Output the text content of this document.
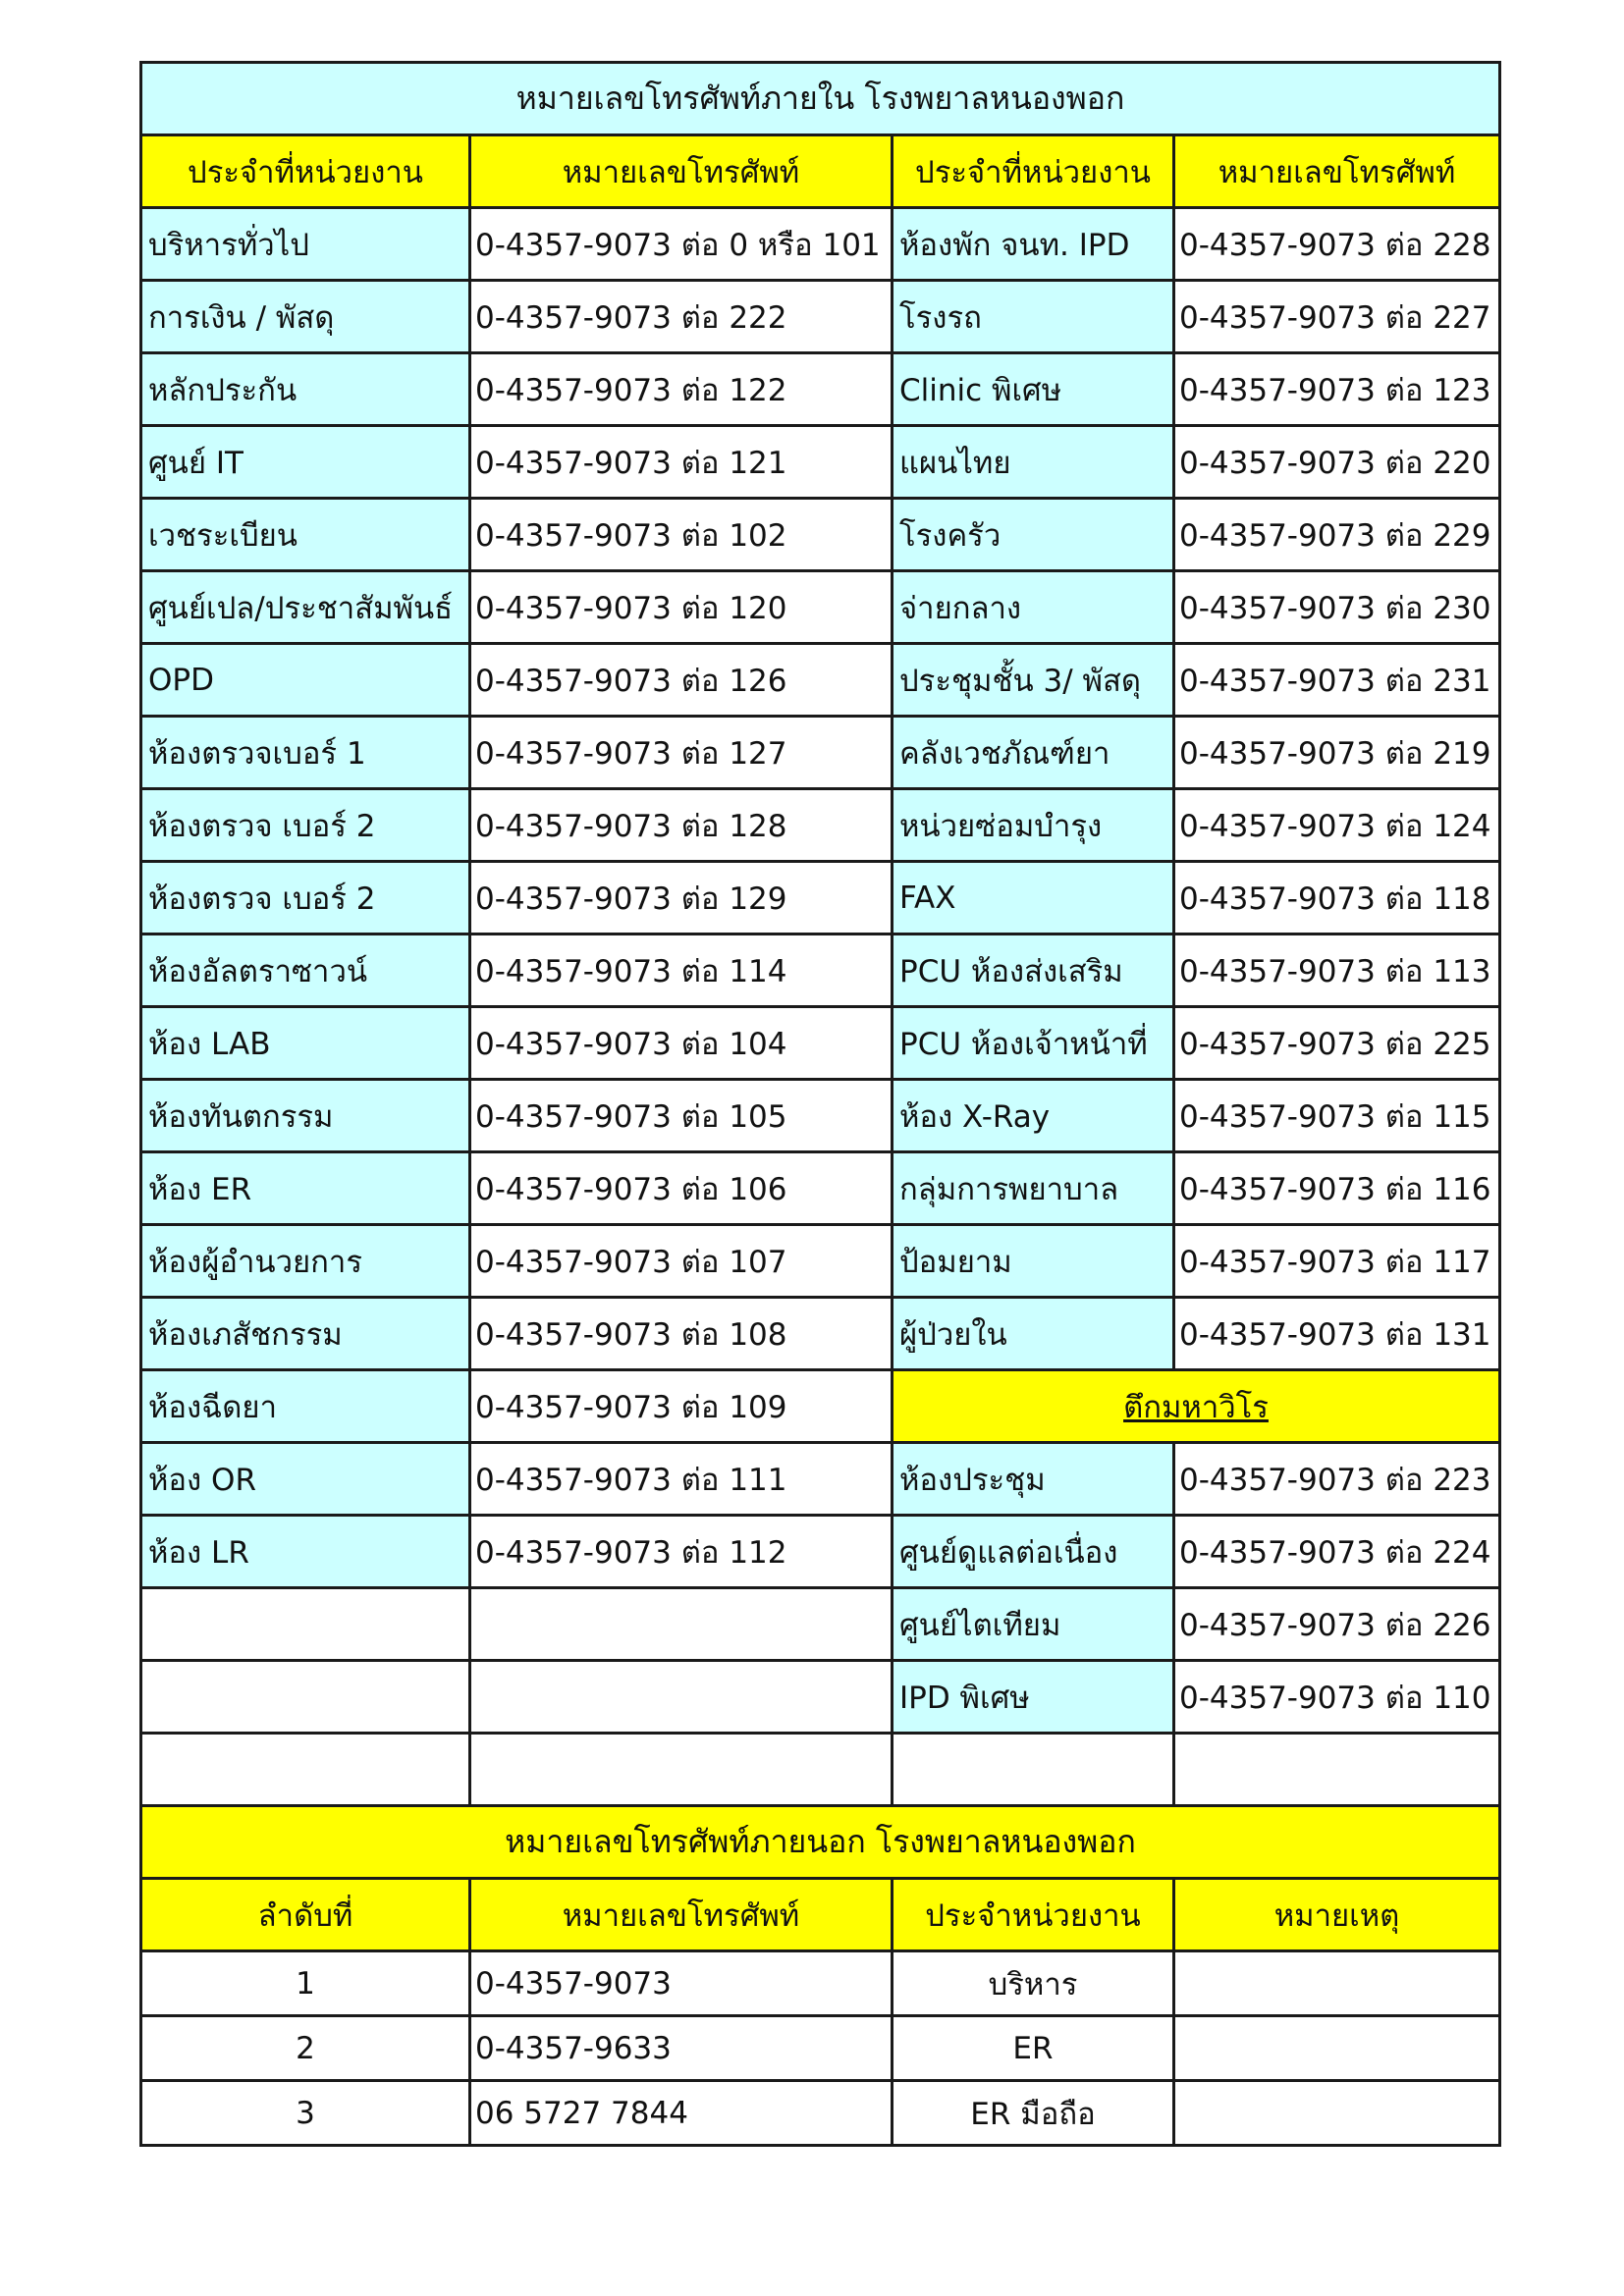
หมายเลขโทรศัพท์ภายใน โรงพยาลหนองพอก			
ประจำที่หน่วยงาน	หมายเลขโทรศัพท์	ประจำที่หน่วยงาน	หมายเลขโทรศัพท์
บริหารทั่วไป	0-4357-9073 ต่อ 0 หรือ 101	ห้องพัก จนท. IPD	0-4357-9073 ต่อ 228
การเงิน / พัสดุ	0-4357-9073 ต่อ 222	โรงรถ	0-4357-9073 ต่อ 227
หลักประกัน	0-4357-9073 ต่อ 122	Clinic พิเศษ	0-4357-9073 ต่อ 123
ศูนย์ IT	0-4357-9073 ต่อ 121	แผนไทย	0-4357-9073 ต่อ 220
เวชระเบียน	0-4357-9073 ต่อ 102	โรงครัว	0-4357-9073 ต่อ 229
ศูนย์เปล/ประชาสัมพันธ์	0-4357-9073 ต่อ 120	จ่ายกลาง	0-4357-9073 ต่อ 230
OPD	0-4357-9073 ต่อ 126	ประชุมชั้น 3/ พัสดุ	0-4357-9073 ต่อ 231
ห้องตรวจเบอร์ 1	0-4357-9073 ต่อ 127	คลังเวชภัณฑ์ยา	0-4357-9073 ต่อ 219
ห้องตรวจ เบอร์ 2	0-4357-9073 ต่อ 128	หน่วยซ่อมบำรุง	0-4357-9073 ต่อ 124
ห้องตรวจ เบอร์ 2	0-4357-9073 ต่อ 129	FAX	0-4357-9073 ต่อ 118
ห้องอัลตราซาวน์	0-4357-9073 ต่อ 114	PCU ห้องส่งเสริม	0-4357-9073 ต่อ 113
ห้อง LAB	0-4357-9073 ต่อ 104	PCU ห้องเจ้าหน้าที่	0-4357-9073 ต่อ 225
ห้องทันตกรรม	0-4357-9073 ต่อ 105	ห้อง X-Ray	0-4357-9073 ต่อ 115
ห้อง ER	0-4357-9073 ต่อ 106	กลุ่มการพยาบาล	0-4357-9073 ต่อ 116
ห้องผู้อำนวยการ	0-4357-9073 ต่อ 107	ป้อมยาม	0-4357-9073 ต่อ 117
ห้องเภสัชกรรม	0-4357-9073 ต่อ 108	ผู้ป่วยใน	0-4357-9073 ต่อ 131
ห้องฉีดยา	0-4357-9073 ต่อ 109	ตึกมหาวิโร	
ห้อง OR	0-4357-9073 ต่อ 111	ห้องประชุม	0-4357-9073 ต่อ 223
ห้อง LR	0-4357-9073 ต่อ 112	ศูนย์ดูแลต่อเนื่อง	0-4357-9073 ต่อ 224
		ศูนย์ไตเทียม	0-4357-9073 ต่อ 226
		IPD พิเศษ	0-4357-9073 ต่อ 110

หมายเลขโทรศัพท์ภายนอก โรงพยาลหนองพอก			
ลำดับที่	หมายเลขโทรศัพท์	ประจำหน่วยงาน	หมายเหตุ
1	0-4357-9073	บริหาร	
2	0-4357-9633	ER	
3	06 5727 7844	ER มือถือ	
